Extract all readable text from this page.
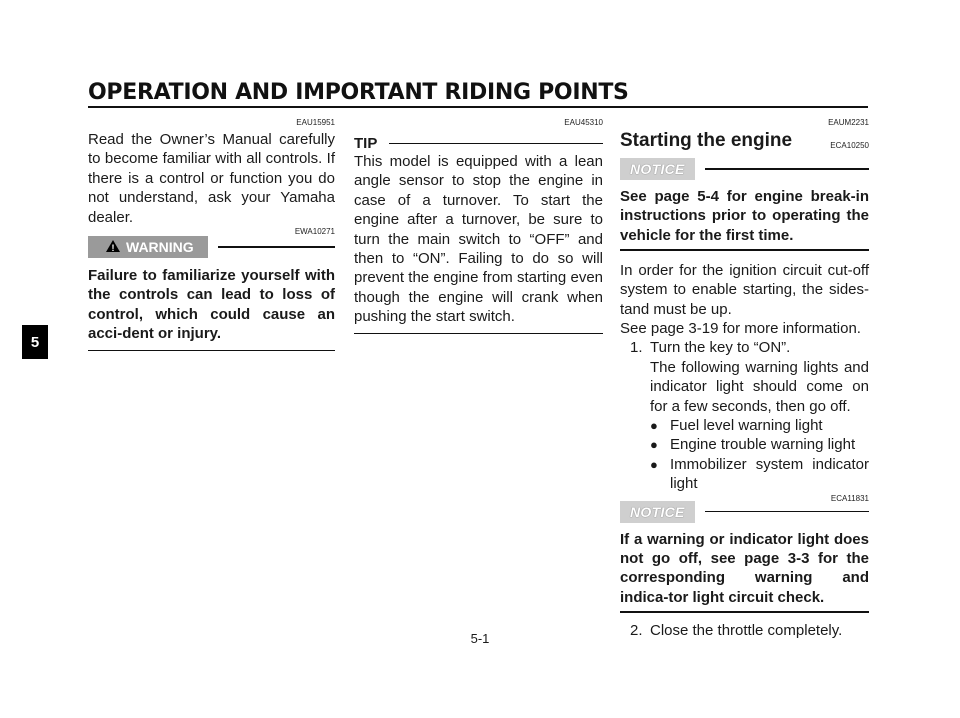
OPERATION AND IMPORTANT RIDING POINTS
5
EAU15951

Read the Owner’s Manual carefully to become familiar with all controls. If there is a control or function you do not understand, ask your Yamaha dealer.

EWA10271
! WARNING

Failure to familiarize yourself with the controls can lead to loss of control, which could cause an acci-dent or injury.

EAU45310
TIP

This model is equipped with a lean angle sensor to stop the engine in case of a turnover. To start the engine after a turnover, be sure to turn the main switch to “OFF” and then to “ON”. Failing to do so will prevent the engine from starting even though the engine will crank when pushing the start switch.

EAUM2231
Starting the engine	ECA10250
NOTICE

See page 5-4 for engine break-in instructions prior to operating the vehicle for the first time.

In order for the ignition circuit cut-off system to enable starting, the sides-tand must be up.

See page 3-19 for more information.

1. Turn the key to “ON”.
The following warning lights and indicator light should come on for a few seconds, then go off.
● Fuel level warning light
● Engine trouble warning light
● Immobilizer system indicator light
ECA11831
NOTICE

If a warning or indicator light does not go off, see page 3-3 for the corresponding warning and indica-tor light circuit check.

2. Close the throttle completely.
5-1
